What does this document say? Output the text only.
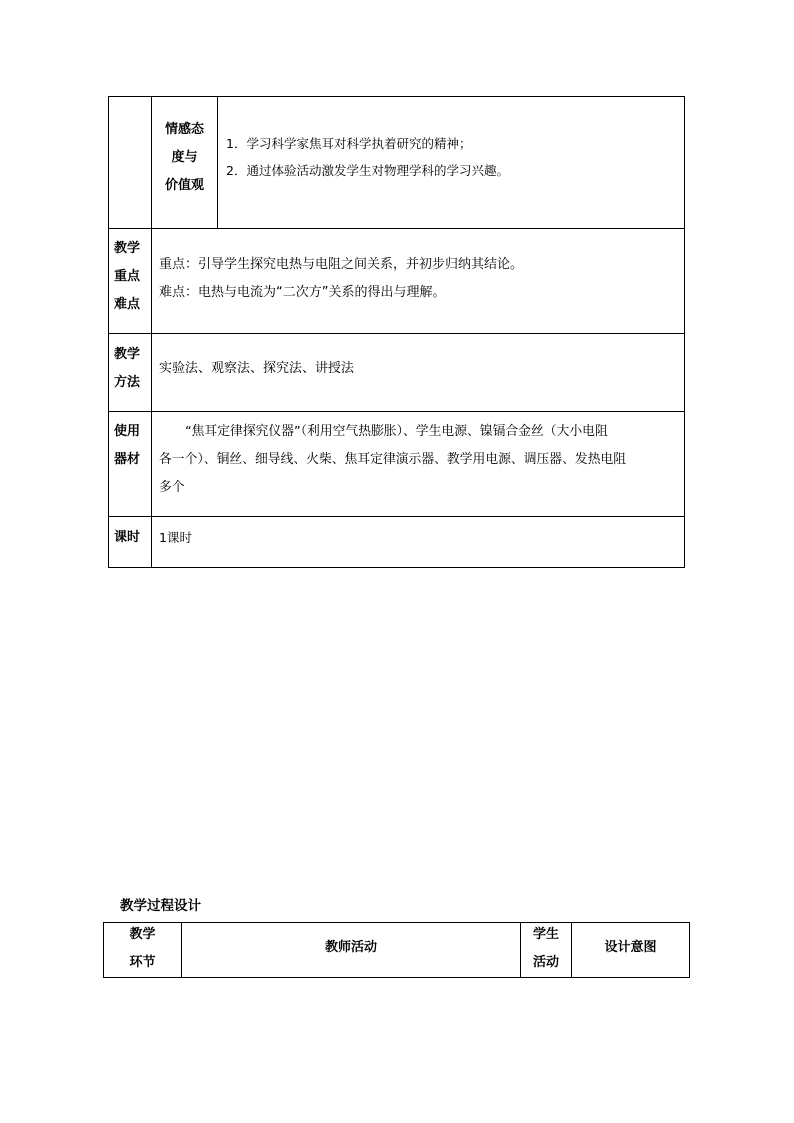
情感态
度与
价值观
1．学习科学家焦耳对科学执着研究的精神；
2．通过体验活动激发学生对物理学科的学习兴趣。
教学
重点
难点
重点：引导学生探究电热与电阻之间关系，并初步归纳其结论。
难点：电热与电流为“二次方”关系的得出与理解。
教学
方法
实验法、观察法、探究法、讲授法
使用
器材
“焦耳定律探究仪器”（利用空气热膨胀）、学生电源、镍镉合金丝（大小电阻
各一个）、铜丝、细导线、火柴、焦耳定律演示器、教学用电源、调压器、发热电阻
多个
课时 1课时
教学过程设计
教学
环节
教师活动
学生
活动
设计意图
